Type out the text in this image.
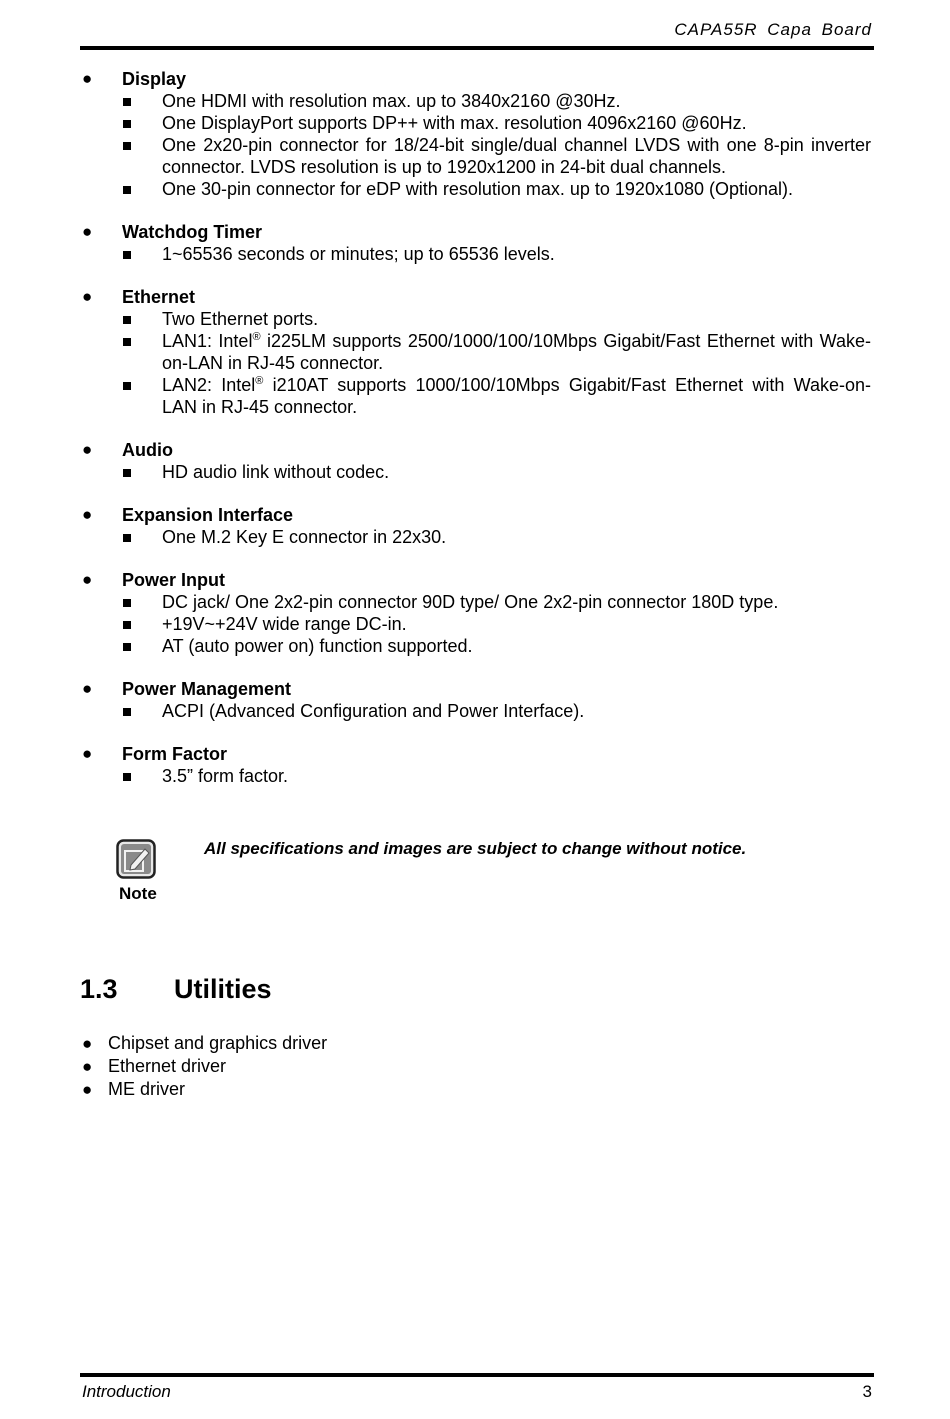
CAPA55R Capa Board
● Display
One HDMI with resolution max. up to 3840x2160 @30Hz.
One DisplayPort supports DP++ with max. resolution 4096x2160 @60Hz.
One 2x20-pin connector for 18/24-bit single/dual channel LVDS with one 8-pin inverter connector. LVDS resolution is up to 1920x1200 in 24-bit dual channels.
One 30-pin connector for eDP with resolution max. up to 1920x1080 (Optional).
● Watchdog Timer
1~65536 seconds or minutes; up to 65536 levels.
● Ethernet
Two Ethernet ports.
LAN1: Intel® i225LM supports 2500/1000/100/10Mbps Gigabit/Fast Ethernet with Wake-on-LAN in RJ-45 connector.
LAN2: Intel® i210AT supports 1000/100/10Mbps Gigabit/Fast Ethernet with Wake-on-LAN in RJ-45 connector.
● Audio
HD audio link without codec.
● Expansion Interface
One M.2 Key E connector in 22x30.
● Power Input
DC jack/ One 2x2-pin connector 90D type/ One 2x2-pin connector 180D type.
+19V~+24V wide range DC-in.
AT (auto power on) function supported.
● Power Management
ACPI (Advanced Configuration and Power Interface).
● Form Factor
3.5” form factor.
Note
All specifications and images are subject to change without notice.
1.3 Utilities
● Chipset and graphics driver
● Ethernet driver
● ME driver
Introduction	3
